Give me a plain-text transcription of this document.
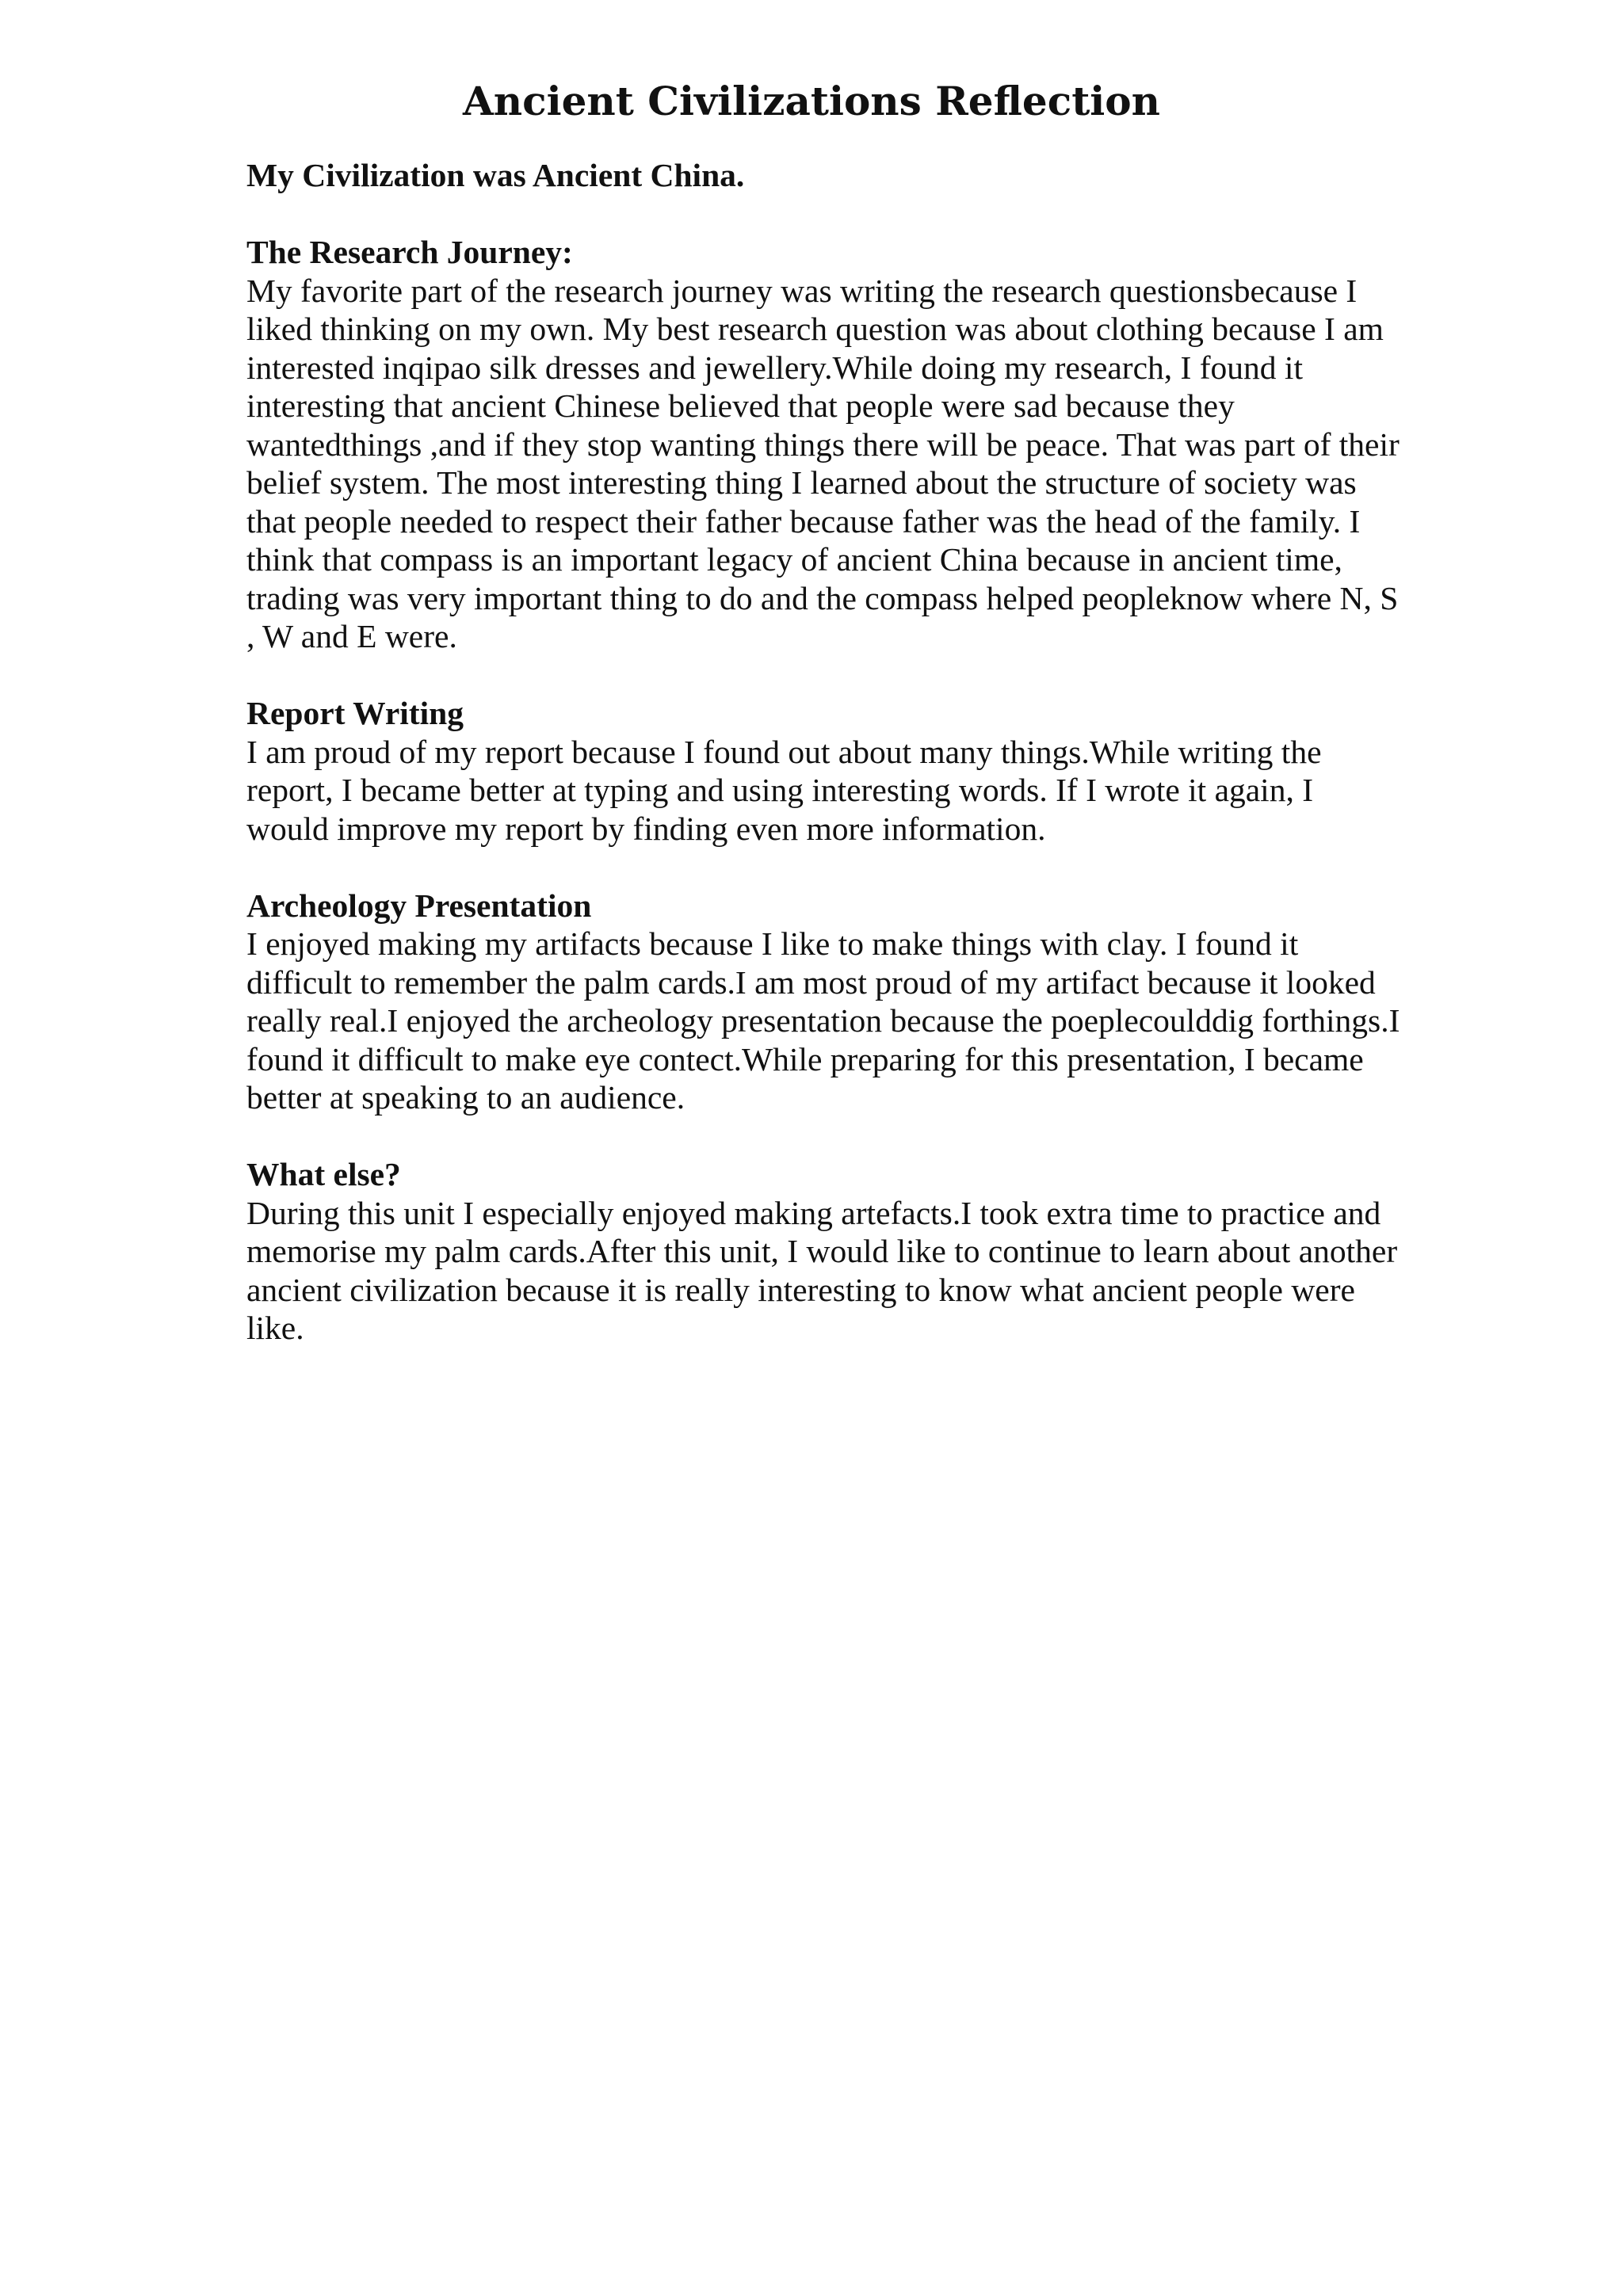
Ancient Civilizations Reflection

My Civilization was Ancient China.

The Research Journey:

My favorite part of the research journey was writing the research questionsbecause I liked thinking on my own. My best research question was about clothing because I am interested inqipao silk dresses and jewellery.While doing my research, I found it interesting that ancient Chinese believed that people were sad because they wantedthings ,and if they stop wanting things there will be peace. That was part of their belief system. The most interesting thing I learned about the structure of society was that people needed to respect their father because father was the head of the family. I think that compass is an important legacy of ancient China because in ancient time, trading was very important thing to do and the compass helped peopleknow where N, S , W and E were.

Report Writing

I am proud of my report because I found out about many things.While writing the report, I became better at typing and using interesting words. If I wrote it again, I would improve my report by finding even more information.

Archeology Presentation

I enjoyed making my artifacts because I like to make things with clay. I found it difficult to remember the palm cards.I am most proud of my artifact because it looked really real.I enjoyed the archeology presentation because the poeplecoulddig forthings.I found it difficult to make eye contect.While preparing for this presentation, I became better at speaking to an audience.

What else?

During this unit I especially enjoyed making artefacts.I took extra time to practice and memorise my palm cards.After this unit, I would like to continue to learn about another ancient civilization because it is really interesting to know what ancient people were like.
